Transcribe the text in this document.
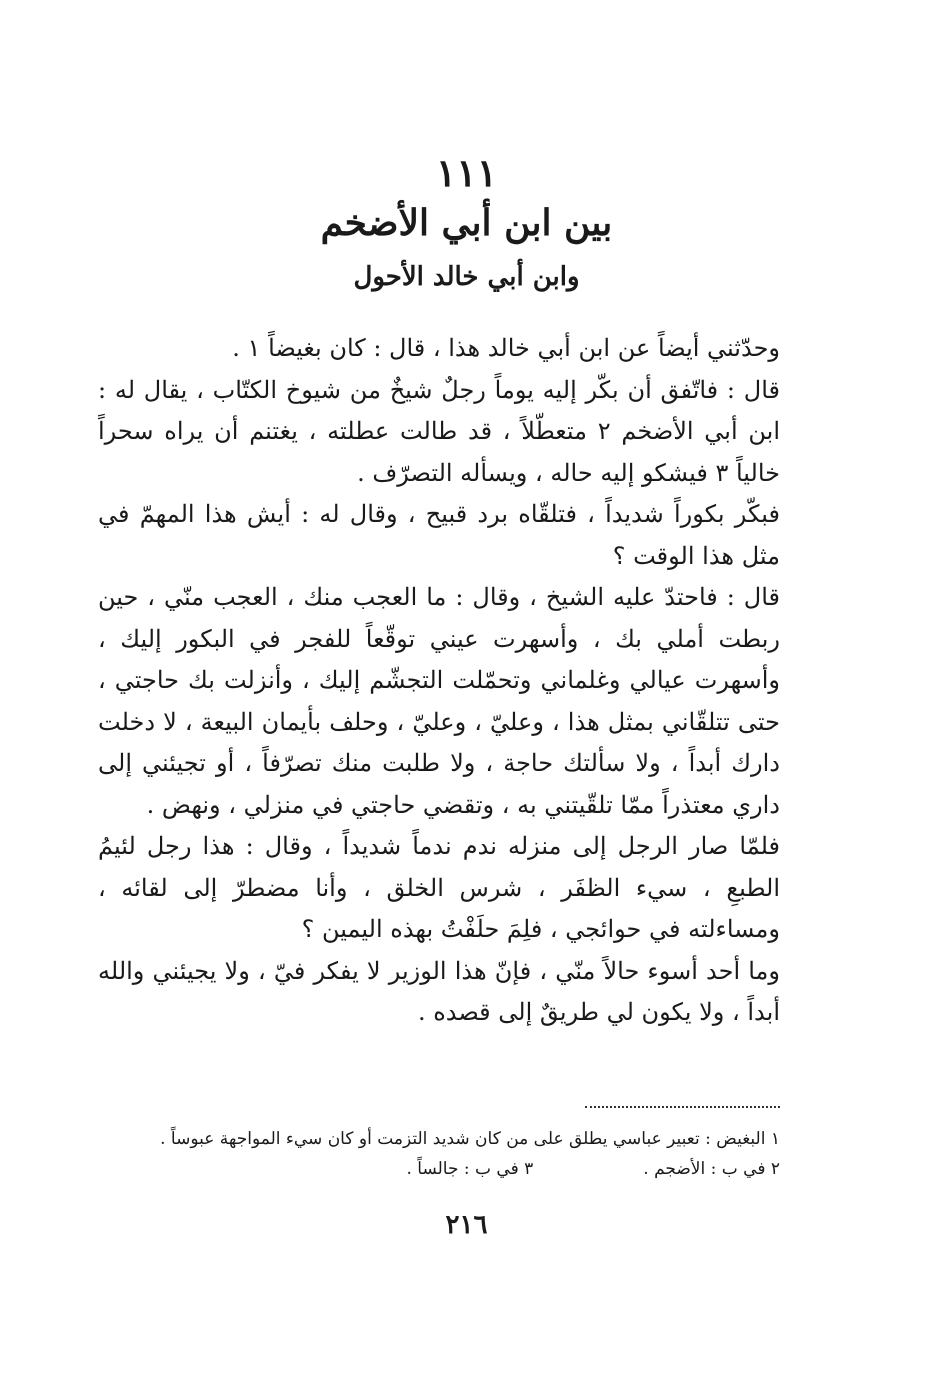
١١١
بين ابن أبي الأضخم
وابن أبي خالد الأحول

وحدّثني أيضاً عن ابن أبي خالد هذا ، قال : كان بغيضاً ١ .

قال : فاتّفق أن بكّر إليه يوماً رجلٌ شيخٌ من شيوخ الكتّاب ، يقال له : ابن أبي الأضخم ٢ متعطّلاً ، قد طالت عطلته ، يغتنم أن يراه سحراً خالياً ٣ فيشكو إليه حاله ، ويسأله التصرّف .

فبكّر بكوراً شديداً ، فتلقّاه برد قبيح ، وقال له : أيش هذا المهمّ في مثل هذا الوقت ؟

قال : فاحتدّ عليه الشيخ ، وقال : ما العجب منك ، العجب منّي ، حين ربطت أملي بك ، وأسهرت عيني توقّعاً للفجر في البكور إليك ، وأسهرت عيالي وغلماني وتحمّلت التجشّم إليك ، وأنزلت بك حاجتي ، حتى تتلقّاني بمثل هذا ، وعليّ ، وعليّ ، وحلف بأيمان البيعة ، لا دخلت دارك أبداً ، ولا سألتك حاجة ، ولا طلبت منك تصرّفاً ، أو تجيئني إلى داري معتذراً ممّا تلقّيتني به ، وتقضي حاجتي في منزلي ، ونهض .

فلمّا صار الرجل إلى منزله ندم ندماً شديداً ، وقال : هذا رجل لئيمُ الطبعِ ، سيء الظفَر ، شرس الخلق ، وأنا مضطرّ إلى لقائه ، ومساءلته في حوائجي ، فلِمَ حلَفْتُ بهذه اليمين ؟

وما أحد أسوء حالاً منّي ، فإنّ هذا الوزير لا يفكر فيّ ، ولا يجيئني والله أبداً ، ولا يكون لي طريقٌ إلى قصده .

١ البغيض : تعبير عباسي يطلق على من كان شديد التزمت أو كان سيء المواجهة عبوساً .
٢ في ب : الأضجم .٣ في ب : جالساً .
٢١٦
